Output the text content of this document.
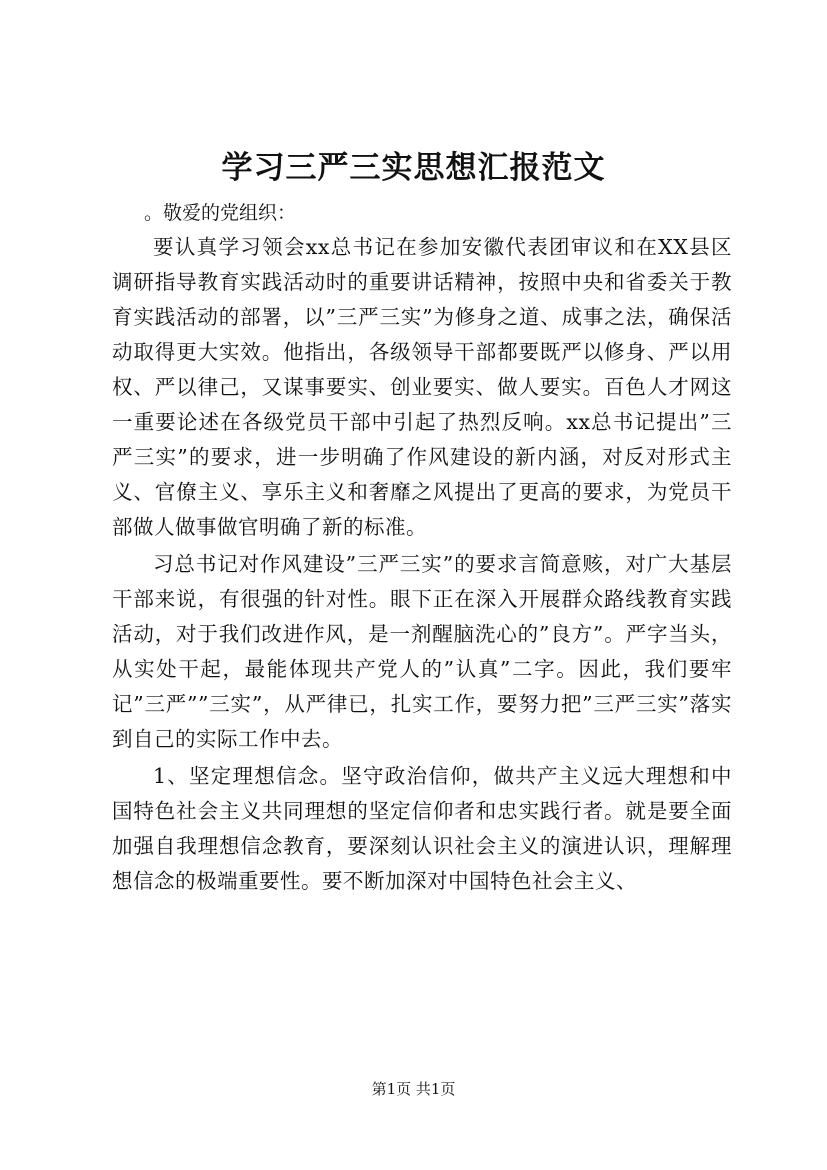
学习三严三实思想汇报范文

。敬爱的党组织：

要认真学习领会xx总书记在参加安徽代表团审议和在XX县区调研指导教育实践活动时的重要讲话精神，按照中央和省委关于教育实践活动的部署，以”三严三实”为修身之道、成事之法，确保活动取得更大实效。他指出，各级领导干部都要既严以修身、严以用权、严以律己，又谋事要实、创业要实、做人要实。百色人才网这一重要论述在各级党员干部中引起了热烈反响。xx总书记提出”三严三实”的要求，进一步明确了作风建设的新内涵，对反对形式主义、官僚主义、享乐主义和奢靡之风提出了更高的要求，为党员干部做人做事做官明确了新的标准。

习总书记对作风建设”三严三实”的要求言简意赅，对广大基层干部来说，有很强的针对性。眼下正在深入开展群众路线教育实践活动，对于我们改进作风，是一剂醒脑洗心的”良方”。严字当头，从实处干起，最能体现共产党人的”认真”二字。因此，我们要牢记”三严””三实”，从严律已，扎实工作，要努力把”三严三实”落实到自己的实际工作中去。

1、坚定理想信念。坚守政治信仰，做共产主义远大理想和中国特色社会主义共同理想的坚定信仰者和忠实践行者。就是要全面加强自我理想信念教育，要深刻认识社会主义的演进认识，理解理想信念的极端重要性。要不断加深对中国特色社会主义、

第1页 共1页
